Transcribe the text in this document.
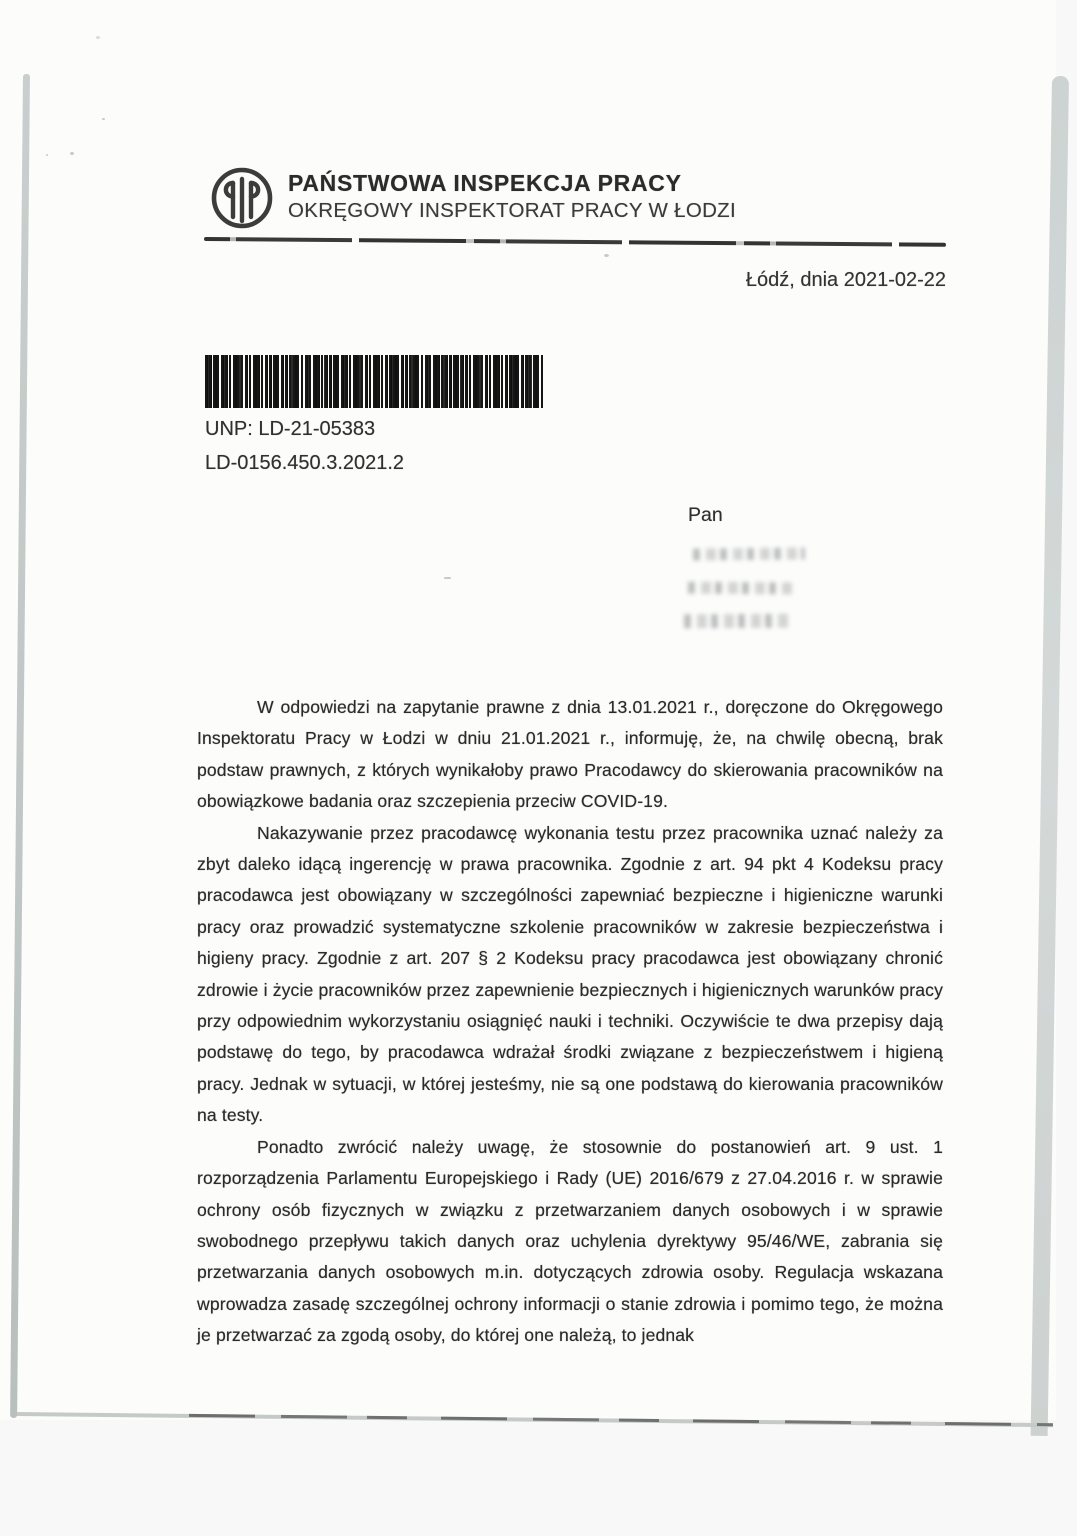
PAŃSTWOWA INSPEKCJA PRACY
OKRĘGOWY INSPEKTORAT PRACY W ŁODZI
Łódź, dnia 2021-02-22
UNP: LD-21-05383
LD-0156.450.3.2021.2
Pan

W odpowiedzi na zapytanie prawne z dnia 13.01.2021 r., doręczone do Okręgowego Inspektoratu Pracy w Łodzi w dniu 21.01.2021 r., informuję, że, na chwilę obecną, brak podstaw prawnych, z których wynikałoby prawo Pracodawcy do skierowania pracowników na obowiązkowe badania oraz szczepienia przeciw COVID-19.

Nakazywanie przez pracodawcę wykonania testu przez pracownika uznać należy za zbyt daleko idącą ingerencję w prawa pracownika. Zgodnie z art. 94 pkt 4 Kodeksu pracy pracodawca jest obowiązany w szczególności zapewniać bezpieczne i higieniczne warunki pracy oraz prowadzić systematyczne szkolenie pracowników w zakresie bezpieczeństwa i higieny pracy. Zgodnie z art. 207 § 2 Kodeksu pracy pracodawca jest obowiązany chronić zdrowie i życie pracowników przez zapewnienie bezpiecznych i higienicznych warunków pracy przy odpowiednim wykorzystaniu osiągnięć nauki i techniki. Oczywiście te dwa przepisy dają podstawę do tego, by pracodawca wdrażał środki związane z bezpieczeństwem i higieną pracy. Jednak w sytuacji, w której jesteśmy, nie są one podstawą do kierowania pracowników na testy.

Ponadto zwrócić należy uwagę, że stosownie do postanowień art. 9 ust. 1 rozporządzenia Parlamentu Europejskiego i Rady (UE) 2016/679 z 27.04.2016 r. w sprawie ochrony osób fizycznych w związku z przetwarzaniem danych osobowych i w sprawie swobodnego przepływu takich danych oraz uchylenia dyrektywy 95/46/WE, zabrania się przetwarzania danych osobowych m.in. dotyczących zdrowia osoby. Regulacja wskazana wprowadza zasadę szczególnej ochrony informacji o stanie zdrowia i pomimo tego, że można je przetwarzać za zgodą osoby, do której one należą, to jednak
